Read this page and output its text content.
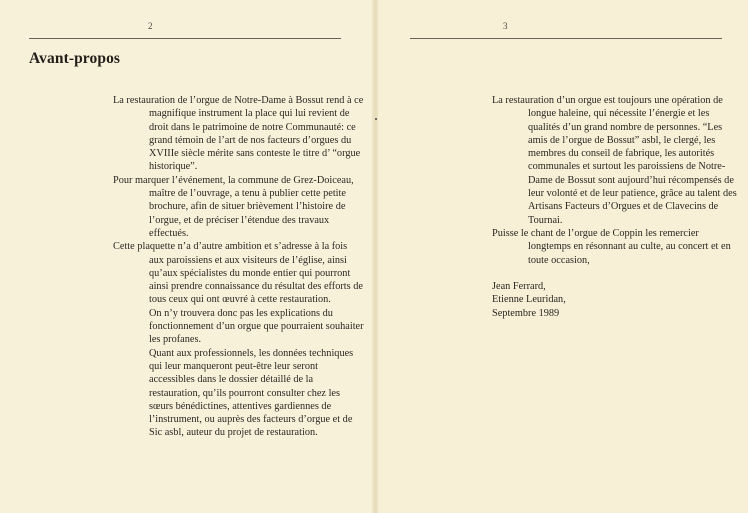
2
Avant-propos
La restauration de l’orgue de Notre-Dame à Bossut rend à ce magnifique instrument la place qui lui revient de droit dans le patrimoine de notre Communauté: ce grand témoin de l’art de nos facteurs d’orgues du XVIIIe siècle mérite sans conteste le titre d’ “orgue historique”.
Pour marquer l’événement, la commune de Grez-Doiceau, maître de l’ouvrage, a tenu à publier cette petite brochure, afin de situer brièvement l’histoire de l’orgue, et de préciser l’étendue des travaux effectués.
Cette plaquette n’a d’autre ambition et s’adresse à la fois aux paroissiens et aux visiteurs de l’église, ainsi qu’aux spécialistes du monde entier qui pourront ainsi prendre connaissance du résultat des efforts de tous ceux qui ont œuvré à cette restauration.
On n’y trouvera donc pas les explications du fonctionnement d’un orgue que pourraient souhaiter les profanes.
Quant aux professionnels, les données techniques qui leur manqueront peut-être leur seront accessibles dans le dossier détaillé de la restauration, qu’ils pourront consulter chez les sœurs bénédictines, attentives gardiennes de l’instrument, ou auprès des facteurs d’orgue et de Sic asbl, auteur du projet de restauration.
3
La restauration d’un orgue est toujours une opération de longue haleine, qui nécessite l’énergie et les qualités d’un grand nombre de personnes. “Les amis de l’orgue de Bossut” asbl, le clergé, les membres du conseil de fabrique, les autorités communales et surtout les paroissiens de Notre-Dame de Bossut sont aujourd’hui récompensés de leur volonté et de leur patience, grâce au talent des Artisans Facteurs d’Orgues et de Clavecins de Tournai.
Puisse le chant de l’orgue de Coppin les remercier longtemps en résonnant au culte, au concert et en toute occasion,
Jean Ferrard,
Etienne Leuridan,
Septembre 1989
